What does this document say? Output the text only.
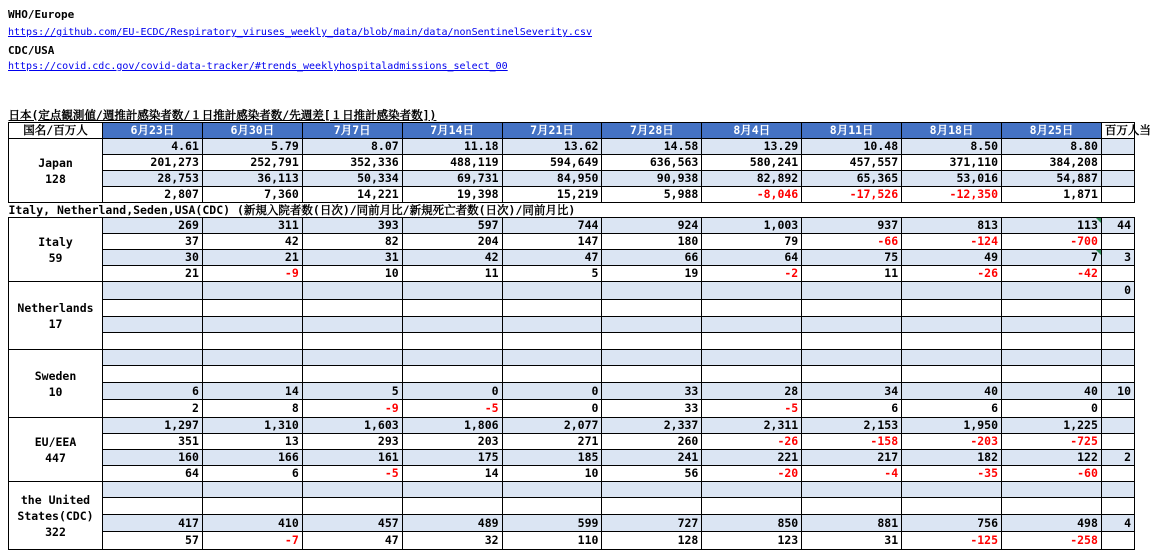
WHO/Europe
https://github.com/EU-ECDC/Respiratory_viruses_weekly_data/blob/main/data/nonSentinelSeverity.csv
CDC/USA
https://covid.cdc.gov/covid-data-tracker/#trends_weeklyhospitaladmissions_select_00
日本(定点観測値/週推計感染者数/１日推計感染者数/先週差[１日推計感染者数])											
国名/百万人	6月23日	6月30日	7月7日	7月14日	7月21日	7月28日	8月4日	8月11日	8月18日	8月25日	百万人当
Japan
128	4.61	5.79	8.07	11.18	13.62	14.58	13.29	10.48	8.50	8.80	
	201,273	252,791	352,336	488,119	594,649	636,563	580,241	457,557	371,110	384,208	
	28,753	36,113	50,334	69,731	84,950	90,938	82,892	65,365	53,016	54,887	
	2,807	7,360	14,221	19,398	15,219	5,988	-8,046	-17,526	-12,350	1,871	
Italy, Netherland,Seden,USA(CDC) (新規入院者数(日次)/同前月比/新規死亡者数(日次)/同前月比)											
Italy
59	269	311	393	597	744	924	1,003	937	813	113	44
	37	42	82	204	147	180	79	-66	-124	-700	
	30	21	31	42	47	66	64	75	49	7	3
	21	-9	10	11	5	19	-2	11	-26	-42	
Netherlands
17											0

Sweden
10											

	6	14	5	0	0	33	28	34	40	40	10
	2	8	-9	-5	0	33	-5	6	6	0	
EU/EEA
447	1,297	1,310	1,603	1,806	2,077	2,337	2,311	2,153	1,950	1,225	
	351	13	293	203	271	260	-26	-158	-203	-725	
	160	166	161	175	185	241	221	217	182	122	2
	64	6	-5	14	10	56	-20	-4	-35	-60	
the United
States(CDC)
322											

	417	410	457	489	599	727	850	881	756	498	4
	57	-7	47	32	110	128	123	31	-125	-258	
